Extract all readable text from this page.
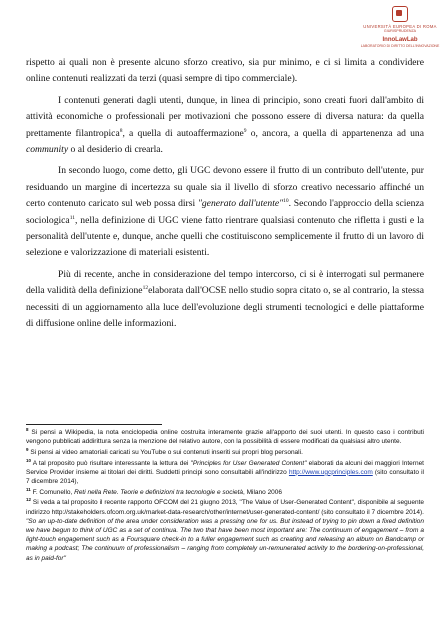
UNIVERSITÀ EUROPEA DI ROMA
GIURISPRUDENZA
InnoLawLab
LABORATORIO DI DIRITTO DELL'INNOVAZIONE

rispetto ai quali non è presente alcuno sforzo creativo, sia pur minimo, e ci si limita a condividere online contenuti realizzati da terzi (quasi sempre di tipo commerciale).

I contenuti generati dagli utenti, dunque, in linea di principio, sono creati fuori dall'ambito di attività economiche o professionali per motivazioni che possono essere di diversa natura: da quella prettamente filantropica$^8$, a quella di autoaffermazione$^9$ o, ancora, a quella di appartenenza ad una community o al desiderio di crearla.

In secondo luogo, come detto, gli UGC devono essere il frutto di un contributo dell'utente, pur residuando un margine di incertezza su quale sia il livello di sforzo creativo necessario affinché un certo contenuto caricato sul web possa dirsi "generato dall'utente"$^{10}$. Secondo l'approccio della scienza sociologica$^{11}$, nella definizione di UGC viene fatto rientrare qualsiasi contenuto che rifletta i gusti e la personalità dell'utente e, dunque, anche quelli che costituiscono semplicemente il frutto di un lavoro di selezione e valorizzazione di materiali esistenti.

Più di recente, anche in considerazione del tempo intercorso, ci si è interrogati sul permanere della validità della definizione$^{12}$elaborata dall'OCSE nello studio sopra citato o, se al contrario, la stessa necessiti di un aggiornamento alla luce dell'evoluzione degli strumenti tecnologici e delle piattaforme di diffusione online delle informazioni.

$^8$ Si pensi a Wikipedia, la nota enciclopedia online costruita interamente grazie all'apporto dei suoi utenti. In questo caso i contributi vengono pubblicati addirittura senza la menzione del relativo autore, con la possibilità di essere modificati da qualsiasi altro utente.

$^9$ Si pensi ai video amatoriali caricati su YouTube o sui contenuti inseriti sui propri blog personali.

$^{10}$ A tal proposito può risultare interessante la lettura dei "Principles for User Generated Content" elaborati da alcuni dei maggiori Internet Service Provider insieme ai titolari dei diritti. Suddetti principi sono consultabili all'indirizzo http://www.ugcprinciples.com (sito consultato il 7 dicembre 2014),

$^{11}$ F. Comunello, Reti nella Rete. Teorie e definizioni tra tecnologie e società, Milano 2006

$^{12}$ Si veda a tal proposito il recente rapporto OFCOM del 21 giugno 2013, "The Value of User-Generated Content", disponibile al seguente indirizzo http://stakeholders.ofcom.org.uk/market-data-research/other/internet/user-generated-content/ (sito consultato il 7 dicembre 2014). "So an up-to-date definition of the area under consideration was a pressing one for us. But instead of trying to pin down a fixed definition we have begun to think of UGC as a set of continua. The two that have been most important are: The continuum of engagement – from a light-touch engagement such as a Foursquare check-in to a fuller engagement such as creating and releasing an album on Bandcamp or making a podcast; The continuum of professionalism – ranging from completely un-remunerated activity to the bordering-on-professional, as in paid-for"
